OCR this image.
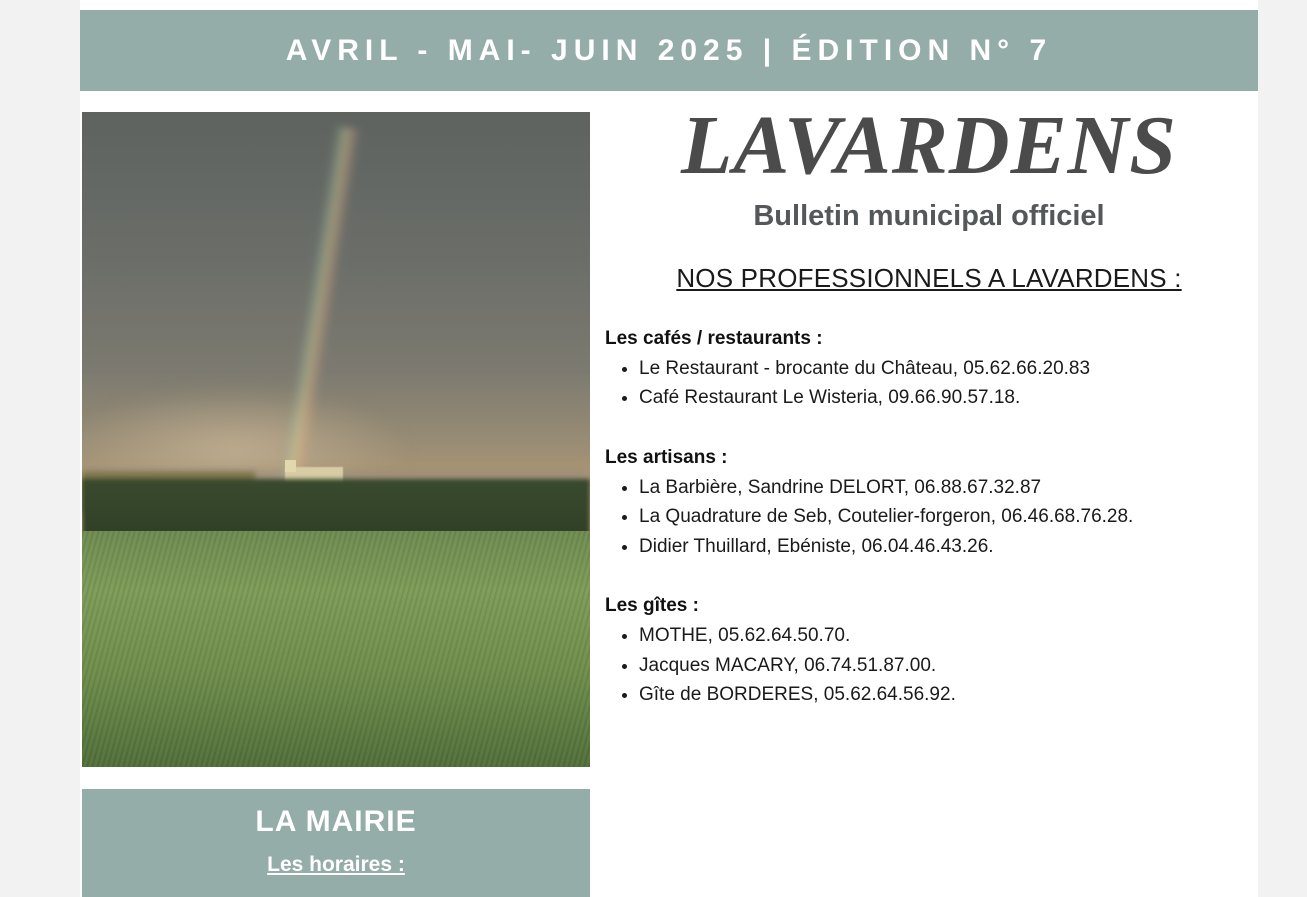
AVRIL - MAI- JUIN 2025 | ÉDITION N° 7
LA MAIRIE
Les horaires :
LAVARDENS
Bulletin municipal officiel
NOS PROFESSIONNELS A LAVARDENS :
Les cafés / restaurants :
• Le Restaurant - brocante du Château, 05.62.66.20.83
• Café Restaurant Le Wisteria, 09.66.90.57.18.
Les artisans :
• La Barbière, Sandrine DELORT, 06.88.67.32.87
• La Quadrature de Seb, Coutelier-forgeron, 06.46.68.76.28.
• Didier Thuillard, Ebéniste, 06.04.46.43.26.
Les gîtes :
• MOTHE, 05.62.64.50.70.
• Jacques MACARY, 06.74.51.87.00.
• Gîte de BORDERES, 05.62.64.56.92.
